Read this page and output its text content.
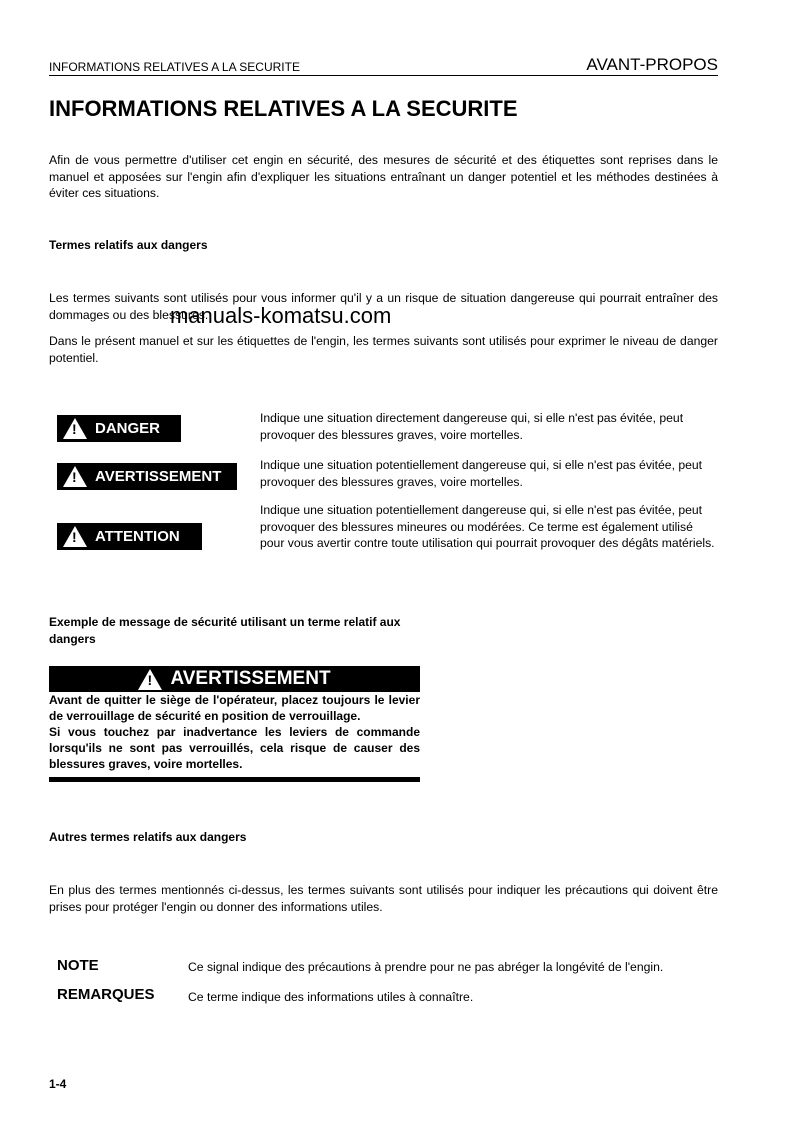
INFORMATIONS RELATIVES A LA SECURITE	AVANT-PROPOS
INFORMATIONS RELATIVES A LA SECURITE
Afin de vous permettre d'utiliser cet engin en sécurité, des mesures de sécurité et des étiquettes sont reprises dans le manuel et apposées sur l'engin afin d'expliquer les situations entraînant un danger potentiel et les méthodes destinées à éviter ces situations.
Termes relatifs aux dangers
Les termes suivants sont utilisés pour vous informer qu'il y a un risque de situation dangereuse qui pourrait entraîner des dommages ou des blessures.
Dans le présent manuel et sur les étiquettes de l'engin, les termes suivants sont utilisés pour exprimer le niveau de danger potentiel.
manuals-komatsu.com
!
DANGER
Indique une situation directement dangereuse qui, si elle n'est pas évitée, peut provoquer des blessures graves, voire mortelles.
!
AVERTISSEMENT
Indique une situation potentiellement dangereuse qui, si elle n'est pas évitée, peut provoquer des blessures graves, voire mortelles.
!
ATTENTION
Indique une situation potentiellement dangereuse qui, si elle n'est pas évitée, peut provoquer des blessures mineures ou modérées. Ce terme est également utilisé pour vous avertir contre toute utilisation qui pourrait provoquer des dégâts matériels.
Exemple de message de sécurité utilisant un terme relatif aux dangers
!
AVERTISSEMENT

Avant de quitter le siège de l'opérateur, placez toujours le levier de verrouillage de sécurité en position de verrouillage.

Si vous touchez par inadvertance les leviers de commande lorsqu'ils ne sont pas verrouillés, cela risque de causer des blessures graves, voire mortelles.

Autres termes relatifs aux dangers
En plus des termes mentionnés ci-dessus, les termes suivants sont utilisés pour indiquer les précautions qui doivent être prises pour protéger l'engin ou donner des informations utiles.
NOTE	Ce signal indique des précautions à prendre pour ne pas abréger la longévité de l'engin.
REMARQUES	Ce terme indique des informations utiles à connaître.
1-4
